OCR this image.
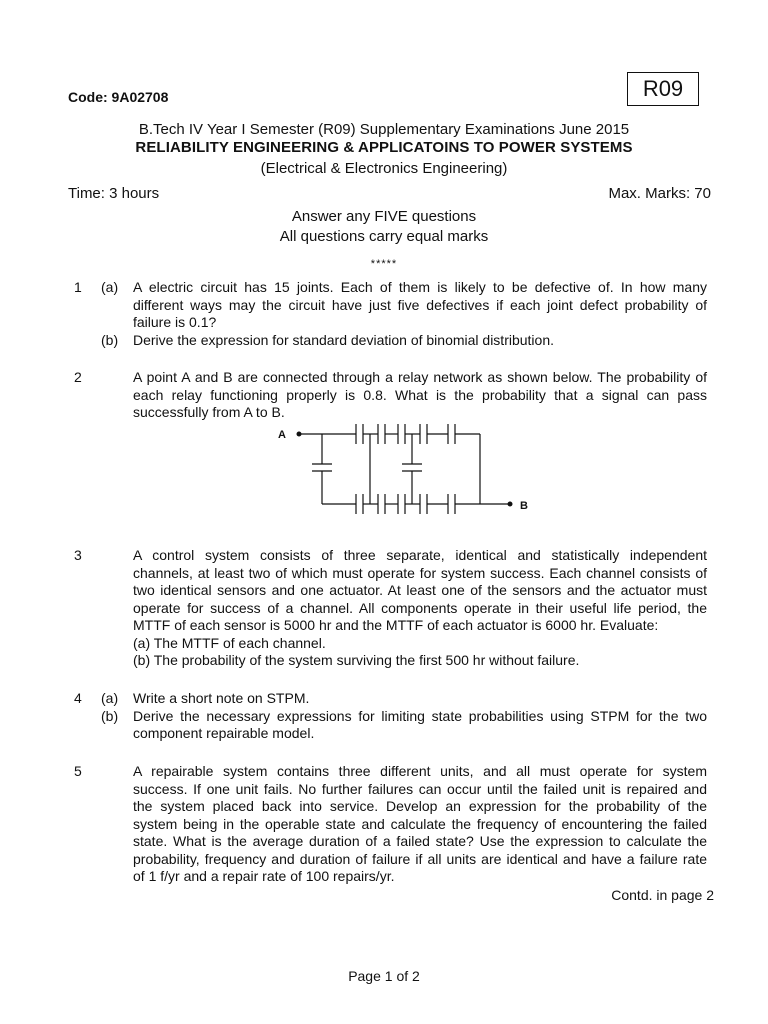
Code: 9A02708	R09
B.Tech IV Year I Semester (R09) Supplementary Examinations June 2015
RELIABILITY ENGINEERING & APPLICATOINS TO POWER SYSTEMS
(Electrical & Electronics Engineering)
Time: 3 hours	Max. Marks: 70
Answer any FIVE questions
All questions carry equal marks
*****
1 (a) A electric circuit has 15 joints. Each of them is likely to be defective of. In how many
different ways may the circuit have just five defectives if each joint defect probability of
failure is 0.1?
(b) Derive the expression for standard deviation of binomial distribution.
2	A point A and B are connected through a relay network as shown below. The probability of
each relay functioning properly is 0.8. What is the probability that a signal can pass
successfully from A to B.
A
B
3	A control system consists of three separate, identical and statistically independent
channels, at least two of which must operate for system success. Each channel consists of
two identical sensors and one actuator. At least one of the sensors and the actuator must
operate for success of a channel. All components operate in their useful life period, the
MTTF of each sensor is 5000 hr and the MTTF of each actuator is 6000 hr. Evaluate:
(a) The MTTF of each channel.
(b) The probability of the system surviving the first 500 hr without failure.
4 (a) Write a short note on STPM.
(b) Derive the necessary expressions for limiting state probabilities using STPM for the two
component repairable model.
5	A repairable system contains three different units, and all must operate for system
success. If one unit fails. No further failures can occur until the failed unit is repaired and
the system placed back into service. Develop an expression for the probability of the
system being in the operable state and calculate the frequency of encountering the failed
state. What is the average duration of a failed state? Use the expression to calculate the
probability, frequency and duration of failure if all units are identical and have a failure rate
of 1 f/yr and a repair rate of 100 repairs/yr.
Contd. in page 2
Page 1 of 2
